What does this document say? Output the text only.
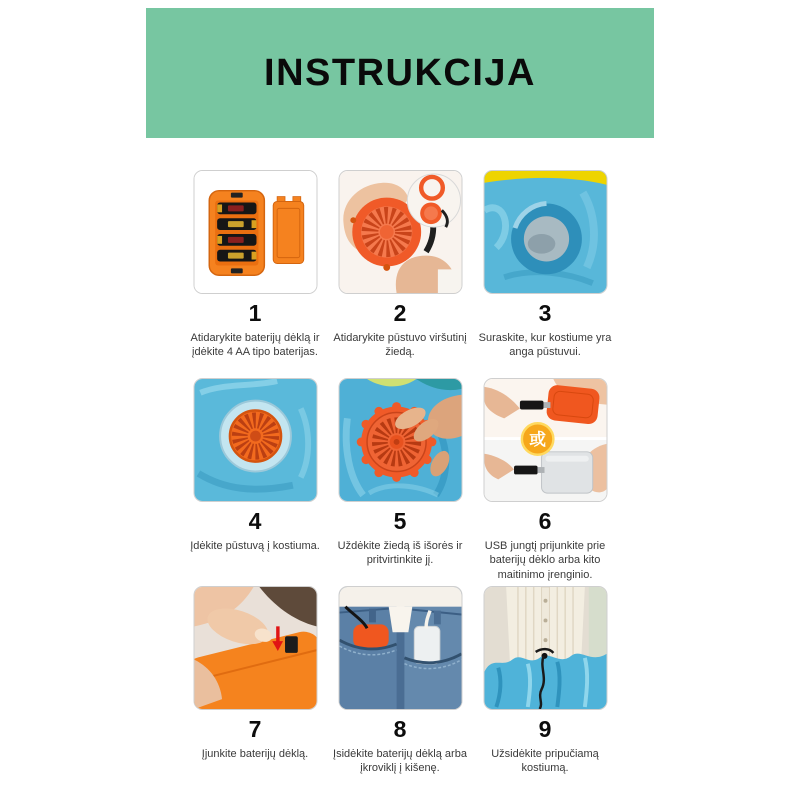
INSTRUKCIJA
1
Atidarykite baterijų dėklą ir įdėkite 4 AA tipo baterijas.
2
Atidarykite pūstuvo viršutinį žiedą.
3
Suraskite, kur kostiume yra anga pūstuvui.
4
Įdėkite pūstuvą į kostiuma.
5
Uždėkite žiedą iš išorės ir pritvirtinkite jį.
或
6
USB jungtį prijunkite prie baterijų dėklo arba kito maitinimo įrenginio.
7
Įjunkite baterijų dėklą.
8
Įsidėkite baterijų dėklą arba įkroviklį į kišenę.
9
Užsidėkite pripučiamą kostiumą.
